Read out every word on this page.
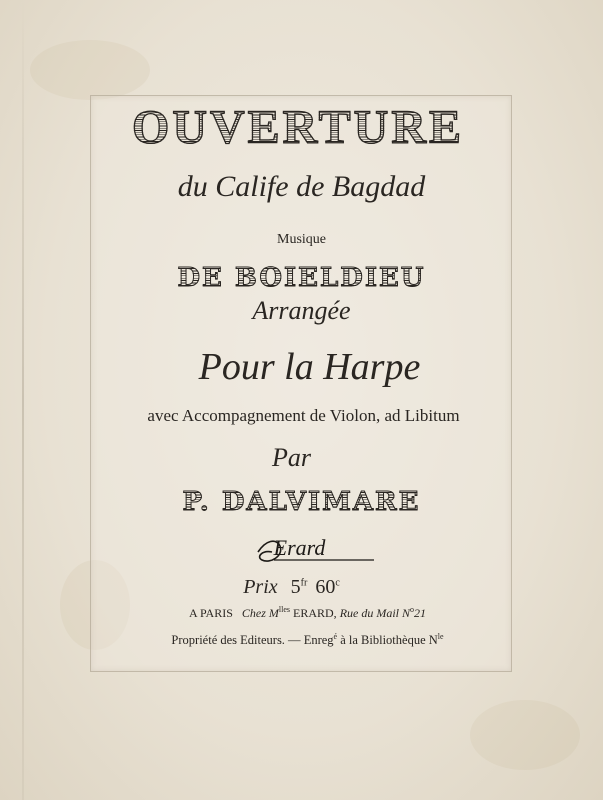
OUVERTURE
du Calife de Bagdad
Musique
DE BOIELDIEU
Arrangée
Pour la Harpe
avec Accompagnement de Violon, ad Libitum
Par
P. DALVIMARE
Erard
Prix $5^{fr}$ 60$^c$
A PARIS Chez $M^{lles}$ ERARD, Rue du Mail $N^o21$
Propriété des Editeurs. — Enreg$^é$ à la Bibliothèque $N^{le}$
